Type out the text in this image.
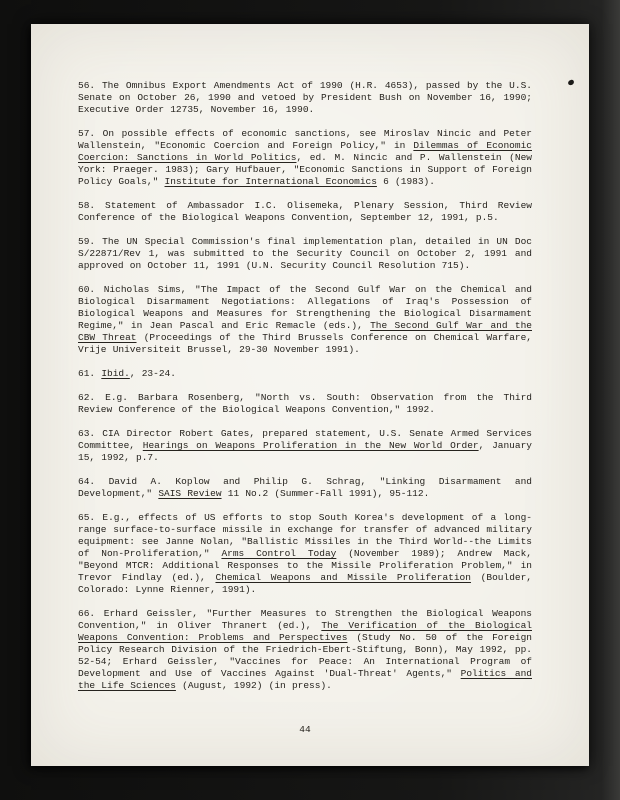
56. The Omnibus Export Amendments Act of 1990 (H.R. 4653), passed by the U.S. Senate on October 26, 1990 and vetoed by President Bush on November 16, 1990; Executive Order 12735, November 16, 1990.

57. On possible effects of economic sanctions, see Miroslav Nincic and Peter Wallenstein, "Economic Coercion and Foreign Policy," in Dilemmas of Economic Coercion: Sanctions in World Politics, ed. M. Nincic and P. Wallenstein (New York: Praeger. 1983); Gary Hufbauer, "Economic Sanctions in Support of Foreign Policy Goals," Institute for International Economics 6 (1983).

58. Statement of Ambassador I.C. Olisemeka, Plenary Session, Third Review Conference of the Biological Weapons Convention, September 12, 1991, p.5.

59. The UN Special Commission's final implementation plan, detailed in UN Doc S/22871/Rev 1, was submitted to the Security Council on October 2, 1991 and approved on October 11, 1991 (U.N. Security Council Resolution 715).

60. Nicholas Sims, "The Impact of the Second Gulf War on the Chemical and Biological Disarmament Negotiations: Allegations of Iraq's Possession of Biological Weapons and Measures for Strengthening the Biological Disarmament Regime," in Jean Pascal and Eric Remacle (eds.), The Second Gulf War and the CBW Threat (Proceedings of the Third Brussels Conference on Chemical Warfare, Vrije Universiteit Brussel, 29-30 November 1991).

61. Ibid., 23-24.

62. E.g. Barbara Rosenberg, "North vs. South: Observation from the Third Review Conference of the Biological Weapons Convention," 1992.

63. CIA Director Robert Gates, prepared statement, U.S. Senate Armed Services Committee, Hearings on Weapons Proliferation in the New World Order, January 15, 1992, p.7.

64. David A. Koplow and Philip G. Schrag, "Linking Disarmament and Development," SAIS Review 11 No.2 (Summer-Fall 1991), 95-112.

65. E.g., effects of US efforts to stop South Korea's development of a long-range surface-to-surface missile in exchange for transfer of advanced military equipment: see Janne Nolan, "Ballistic Missiles in the Third World--the Limits of Non-Proliferation," Arms Control Today (November 1989); Andrew Mack, "Beyond MTCR: Additional Responses to the Missile Proliferation Problem," in Trevor Findlay (ed.), Chemical Weapons and Missile Proliferation (Boulder, Colorado: Lynne Rienner, 1991).

66. Erhard Geissler, "Further Measures to Strengthen the Biological Weapons Convention," in Oliver Thranert (ed.), The Verification of the Biological Weapons Convention: Problems and Perspectives (Study No. 50 of the Foreign Policy Research Division of the Friedrich-Ebert-Stiftung, Bonn), May 1992, pp. 52-54; Erhard Geissler, "Vaccines for Peace: An International Program of Development and Use of Vaccines Against 'Dual-Threat' Agents," Politics and the Life Sciences (August, 1992) (in press).

44
